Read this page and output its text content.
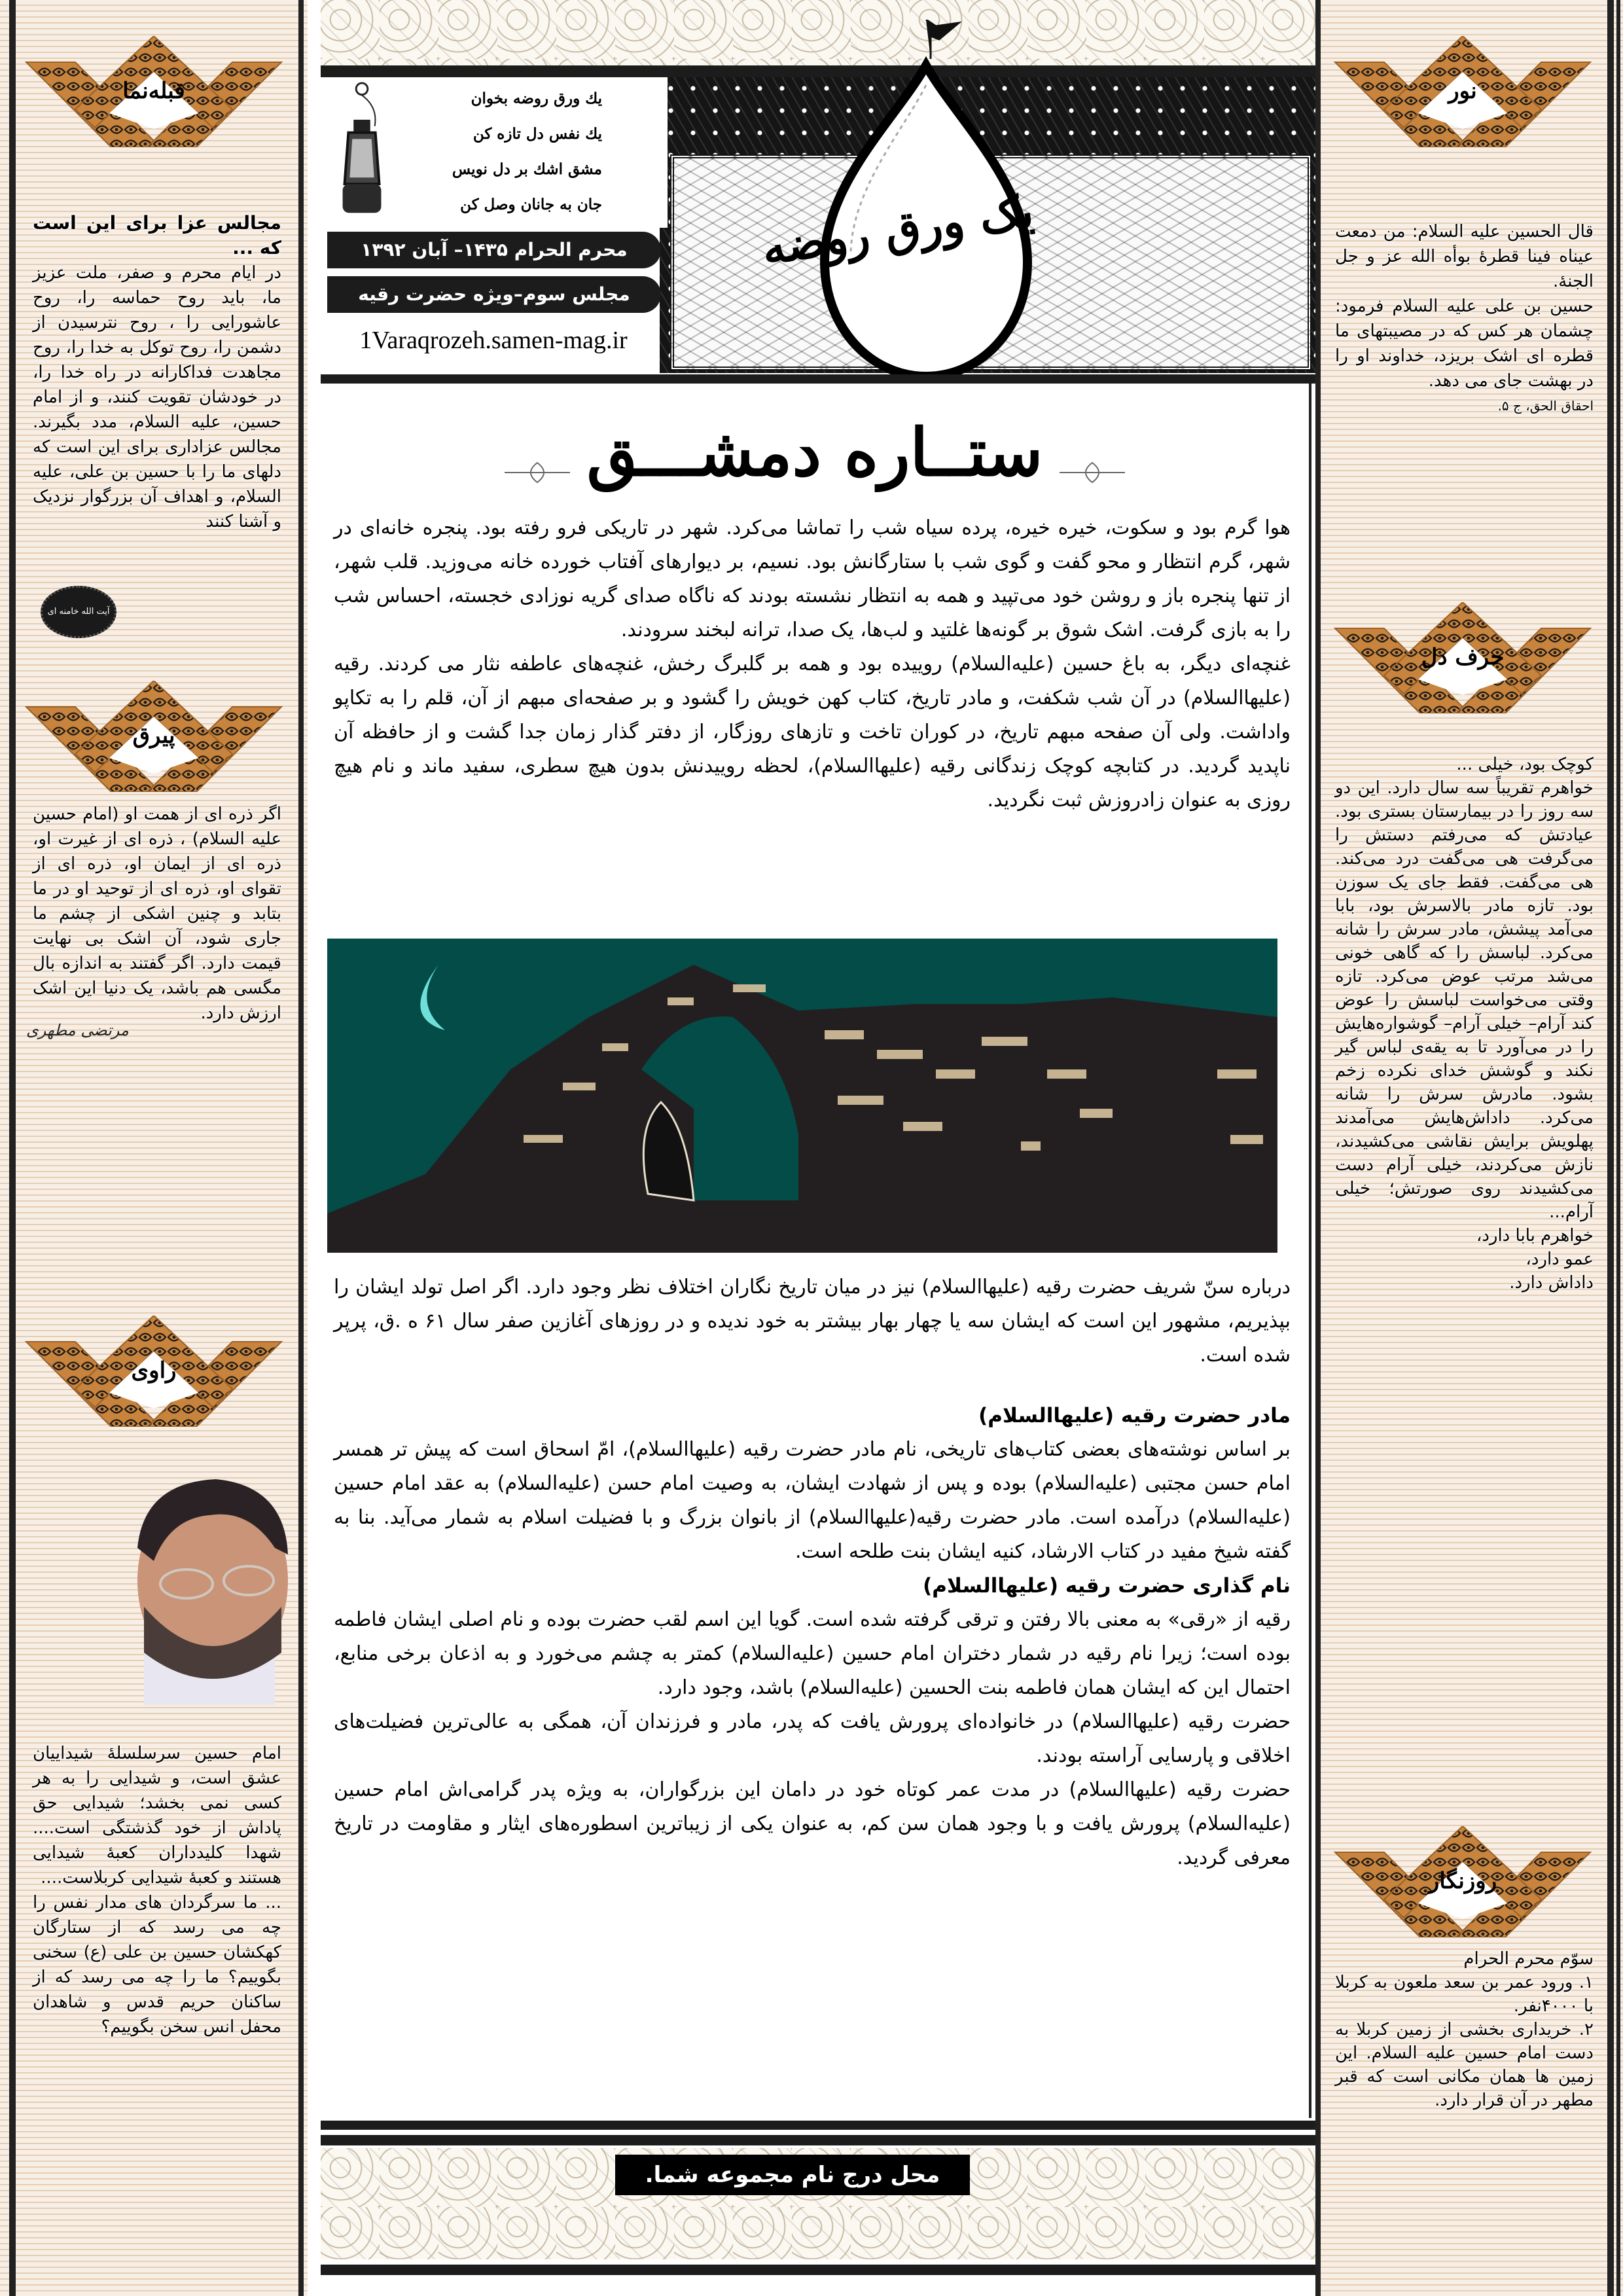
قبله‌نما

مجالس عزا برای این است که ...

در ایام محرم و صفر، ملت عزیز ما، باید روح حماسه را، روح عاشورایی را ، روح نترسیدن از دشمن را، روح توکل به خدا را، روح مجاهدت فداکارانه در راه خدا را، در خودشان تقویت کنند، و از امام حسین، علیه السلام، مدد بگیرند. مجالس عزاداری برای این است که دلهای ما را با حسین بن علی، علیه السلام، و اهداف آن بزرگوار نزدیک و آشنا کنند

آیت الله خامنه ای
پیرق

اگر ذره ای از همت او (امام حسین علیه السلام) ، ذره ای از غیرت او، ذره ای از ایمان او، ذره ای از تقوای او، ذره ای از توحید او در ما بتابد و چنین اشکی از چشم ما جاری شود، آن اشک بی نهایت قیمت دارد. اگر گفتند به اندازه بال مگسی هم باشد، یک دنیا این اشک ارزش دارد.

مرتضی مطهری
راوی

امام حسین سرسلسلهٔ شیداییان عشق است، و شیدایی را به هر کسی نمی بخشد؛ شیدایی حق پاداش از خود گذشتگی است.... شهدا کلیدداران کعبهٔ شیدایی هستند و کعبهٔ شیدایی کربلاست....

... ما سرگردان های مدار نفس را چه می رسد که از ستارگان کهکشان حسین بن علی (ع) سخنی بگوییم؟ ما را چه می رسد که از ساکنان حریم قدس و شاهدان محفل انس سخن بگوییم؟

یك ورق روضه بخوان
یك نفس دل تازه کن
مشق اشك بر دل نویس
جان به جانان وصل کن
محرم الحرام ۱۴۳۵– آبان ۱۳۹۲
مجلس سوم–ویژه حضرت رقیه
1Varaqrozeh.samen-mag.ir
یک ورق روضه
ستــاره دمشـــق

هوا گرم بود و سکوت، خیره خیره، پرده سیاه شب را تماشا می‌کرد. شهر در تاریکی فرو رفته بود. پنجره خانه‌ای در شهر، گرم انتظار و محو گفت و گوی شب با ستارگانش بود. نسیم، بر دیوارهای آفتاب خورده خانه می‌وزید. قلب شهر، از تنها پنجره باز و روشن خود می‌تپید و همه به انتظار نشسته بودند که ناگاه صدای گریه نوزادی خجسته، احساس شب را به بازی گرفت. اشک شوق بر گونه‌ها غلتید و لب‌ها، یک صدا، ترانه لبخند سرودند.

غنچه‌ای دیگر، به باغ حسین (علیه‌السلام) روییده بود و همه بر گلبرگ رخش، غنچه‌های عاطفه نثار می کردند. رقیه (علیهاالسلام) در آن شب شکفت، و مادر تاریخ، کتاب کهن خویش را گشود و بر صفحه‌ای مبهم از آن، قلم را به تکاپو واداشت. ولی آن صفحه مبهم تاریخ، در کوران تاخت و تازهای روزگار، از دفتر گذار زمان جدا گشت و از حافظه آن ناپدید گردید. در کتابچه کوچک زندگانی رقیه (علیهاالسلام)، لحظه رو‌ییدنش بدون هیچ سطری، سفید ماند و نام هیچ روزی به عنوان زادروزش ثبت نگردید.

درباره سنّ شریف حضرت رقیه (علیهاالسلام) نیز در میان تاریخ نگاران اختلاف نظر وجود دارد. اگر اصل تولد ایشان را بپذیریم، مشهور این است که ایشان سه یا چهار بهار بیشتر به خود ندیده و در روزهای آغازین صفر سال ۶۱ ه .ق، پرپر شده است.

مادر حضرت رقیه (علیهاالسلام)

بر اساس نوشته‌های بعضی کتاب‌های تاریخی، نام مادر حضرت رقیه (علیهاالسلام)، امّ اسحاق است که پیش تر همسر امام حسن مجتبی (علیه‌السلام) بوده و پس از شهادت ایشان، به وصیت امام حسن (علیه‌السلام) به عقد امام حسین (علیه‌السلام) درآمده است. مادر حضرت رقیه(علیهاالسلام) از بانوان بزرگ و با فضیلت اسلام به شمار می‌آید. بنا به گفته شیخ مفید در کتاب الارشاد، کنیه ایشان بنت طلحه است.

نام گذاری حضرت رقیه (علیهاالسلام)

رقیه از «رقی» به معنی بالا رفتن و ترقی گرفته شده است. گویا این اسم لقب حضرت بوده و نام اصلی ایشان فاطمه بوده است؛ زیرا نام رقیه در شمار دختران امام حسین (علیه‌السلام) کمتر به چشم می‌خورد و به اذعان برخی منابع، احتمال این که ایشان همان فاطمه بنت الحسین (علیه‌السلام) باشد، وجود دارد.

حضرت رقیه (علیهاالسلام) در خانواده‌ای پرورش یافت که پدر، مادر و فرزندان آن، همگی به عالی‌ترین فضیلت‌های اخلاقی و پارسایی آراسته بودند.

حضرت رقیه (علیهاالسلام) در مدت عمر کوتاه خود در دامان این بزرگواران، به ویژه پدر گرامی‌اش امام حسین (علیه‌السلام) پرورش یافت و با وجود همان سن کم، به عنوان یکی از زیباترین اسطوره‌های ایثار و مقاومت در تاریخ معرفی گردید.

محل درج نام مجموعه شما.
نور

قال الحسین علیه السلام: من دمعت عیناه فینا قطرهٔ بوأه الله عز و جل الجنهٔ.

حسین بن علی علیه السلام فرمود: چشمان هر کس که در مصیبتهای ما قطره ای اشک بریزد، خداوند او را در بهشت جای می دهد.

احقاق الحق، ج ۵.

حرف دل

کوچک بود، خیلی ...

خواهرم تقریباً سه سال دارد. این دو سه روز را در بیمارستان بستری بود. عیادتش که می‌رفتم دستش را می‌گرفت هی می‌گفت درد می‌کند. هی می‌گفت. فقط جای یک سوزن بود. تازه مادر بالاسرش بود، بابا می‌آمد پیشش، مادر سرش را شانه می‌کرد. لباسش را که گاهی خونی می‌شد مرتب عوض می‌کرد. تازه وقتی می‌خواست لباسش را عوض کند آرام– خیلی آرام– گوشواره‌هایش را در می‌آورد تا به یقه‌ی لباس گیر نکند و گوشش خدای نکرده زخم بشود. مادرش سرش را شانه می‌کرد. داداش‌هایش می‌آمدند پهلویش برایش نقاشی می‌کشیدند، نازش می‌کردند، خیلی آرام دست می‌کشیدند روی صورتش؛ خیلی آرام...

خواهرم بابا دارد،

عمو دارد،

داداش دارد.

روزنگار

سوّم محرم الحرام

۱. ورود عمر بن سعد ملعون به کربلا با ۴۰۰۰نفر.

۲. خریداری بخشی از زمین کربلا به دست امام حسین علیه السلام. این زمین ها همان مکانی است که قبر مطهر در آن قرار دارد.
